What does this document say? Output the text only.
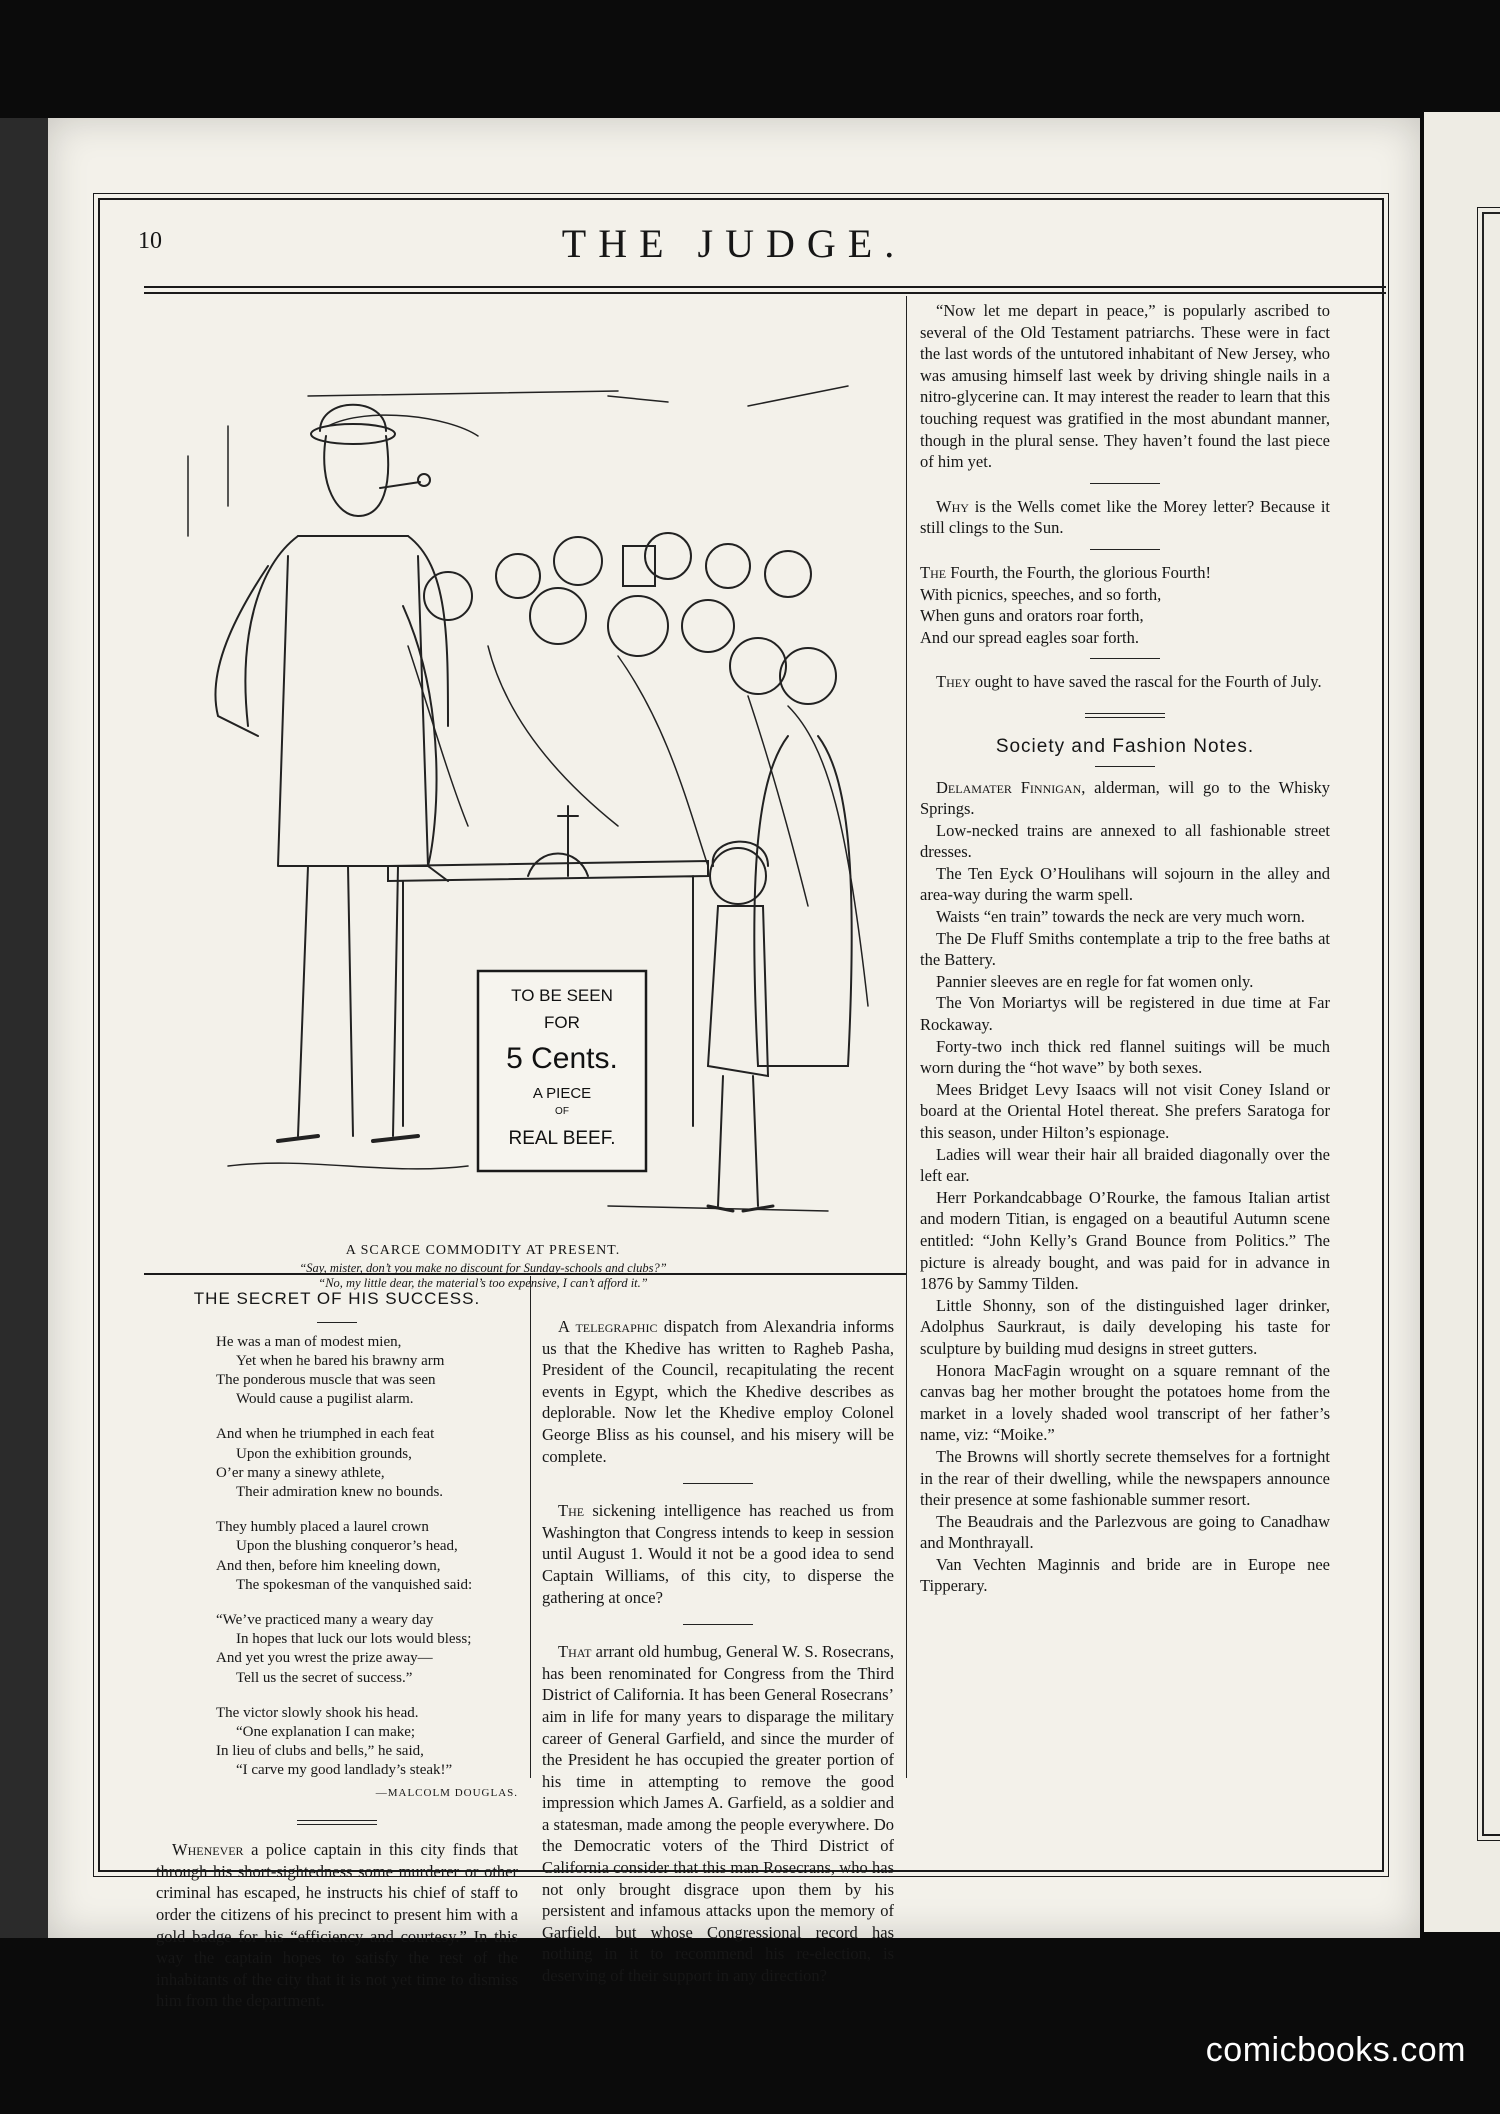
10	THE JUDGE.
TO BE SEEN
FOR
5 Cents.
A PIECE
OF
REAL BEEF.
A SCARCE COMMODITY AT PRESENT.
“Say, mister, don’t you make no discount for Sunday-schools and clubs?”
“No, my little dear, the material’s too expensive, I can’t afford it.”
THE SECRET OF HIS SUCCESS.
He was a man of modest mien,
Yet when he bared his brawny arm
The ponderous muscle that was seen
Would cause a pugilist alarm.
And when he triumphed in each feat
Upon the exhibition grounds,
O’er many a sinewy athlete,
Their admiration knew no bounds.
They humbly placed a laurel crown
Upon the blushing conqueror’s head,
And then, before him kneeling down,
The spokesman of the vanquished said:
“We’ve practiced many a weary day
In hopes that luck our lots would bless;
And yet you wrest the prize away—
Tell us the secret of success.”
The victor slowly shook his head.
“One explanation I can make;
In lieu of clubs and bells,” he said,
“I carve my good landlady’s steak!”
—MALCOLM DOUGLAS.

Whenever a police captain in this city finds that through his short-sightedness some murderer or other criminal has escaped, he instructs his chief of staff to order the citizens of his precinct to present him with a gold badge for his “efficiency and courtesy.” In this way the captain hopes to satisfy the rest of the inhabitants of the city that it is not yet time to dismiss him from the department.

A telegraphic dispatch from Alexandria informs us that the Khedive has written to Ragheb Pasha, President of the Council, recapitulating the recent events in Egypt, which the Khedive describes as deplorable. Now let the Khedive employ Colonel George Bliss as his counsel, and his misery will be complete.

The sickening intelligence has reached us from Washington that Congress intends to keep in session until August 1. Would it not be a good idea to send Captain Williams, of this city, to disperse the gathering at once?

That arrant old humbug, General W. S. Rosecrans, has been renominated for Congress from the Third District of California. It has been General Rosecrans’ aim in life for many years to disparage the military career of General Garfield, and since the murder of the President he has occupied the greater portion of his time in attempting to remove the good impression which James A. Garfield, as a soldier and a statesman, made among the people everywhere. Do the Democratic voters of the Third District of California consider that this man Rosecrans, who has not only brought disgrace upon them by his persistent and infamous attacks upon the memory of Garfield, but whose Congressional record has nothing in it to recommend his re-election, is deserving of their support in any direction?

“Now let me depart in peace,” is popularly ascribed to several of the Old Testament patriarchs. These were in fact the last words of the untutored inhabitant of New Jersey, who was amusing himself last week by driving shingle nails in a nitro-glycerine can. It may interest the reader to learn that this touching request was gratified in the most abundant manner, though in the plural sense. They haven’t found the last piece of him yet.

Why is the Wells comet like the Morey letter? Because it still clings to the Sun.

The Fourth, the Fourth, the glorious Fourth!
With picnics, speeches, and so forth,
When guns and orators roar forth,
And our spread eagles soar forth.

They ought to have saved the rascal for the Fourth of July.

Society and Fashion Notes.

Delamater Finnigan, alderman, will go to the Whisky Springs.

Low-necked trains are annexed to all fashionable street dresses.

The Ten Eyck O’Houlihans will sojourn in the alley and area-way during the warm spell.

Waists “en train” towards the neck are very much worn.

The De Fluff Smiths contemplate a trip to the free baths at the Battery.

Pannier sleeves are en regle for fat women only.

The Von Moriartys will be registered in due time at Far Rockaway.

Forty-two inch thick red flannel suitings will be much worn during the “hot wave” by both sexes.

Mees Bridget Levy Isaacs will not visit Coney Island or board at the Oriental Hotel thereat. She prefers Saratoga for this season, under Hilton’s espionage.

Ladies will wear their hair all braided diagonally over the left ear.

Herr Porkandcabbage O’Rourke, the famous Italian artist and modern Titian, is engaged on a beautiful Autumn scene entitled: “John Kelly’s Grand Bounce from Politics.” The picture is already bought, and was paid for in advance in 1876 by Sammy Tilden.

Little Shonny, son of the distinguished lager drinker, Adolphus Saurkraut, is daily developing his taste for sculpture by building mud designs in street gutters.

Honora MacFagin wrought on a square remnant of the canvas bag her mother brought the potatoes home from the market in a lovely shaded wool transcript of her father’s name, viz: “Moike.”

The Browns will shortly secrete themselves for a fortnight in the rear of their dwelling, while the newspapers announce their presence at some fashionable summer resort.

The Beaudrais and the Parlezvous are going to Canadhaw and Monthrayall.

Van Vechten Maginnis and bride are in Europe nee Tipperary.

comicbooks.com
